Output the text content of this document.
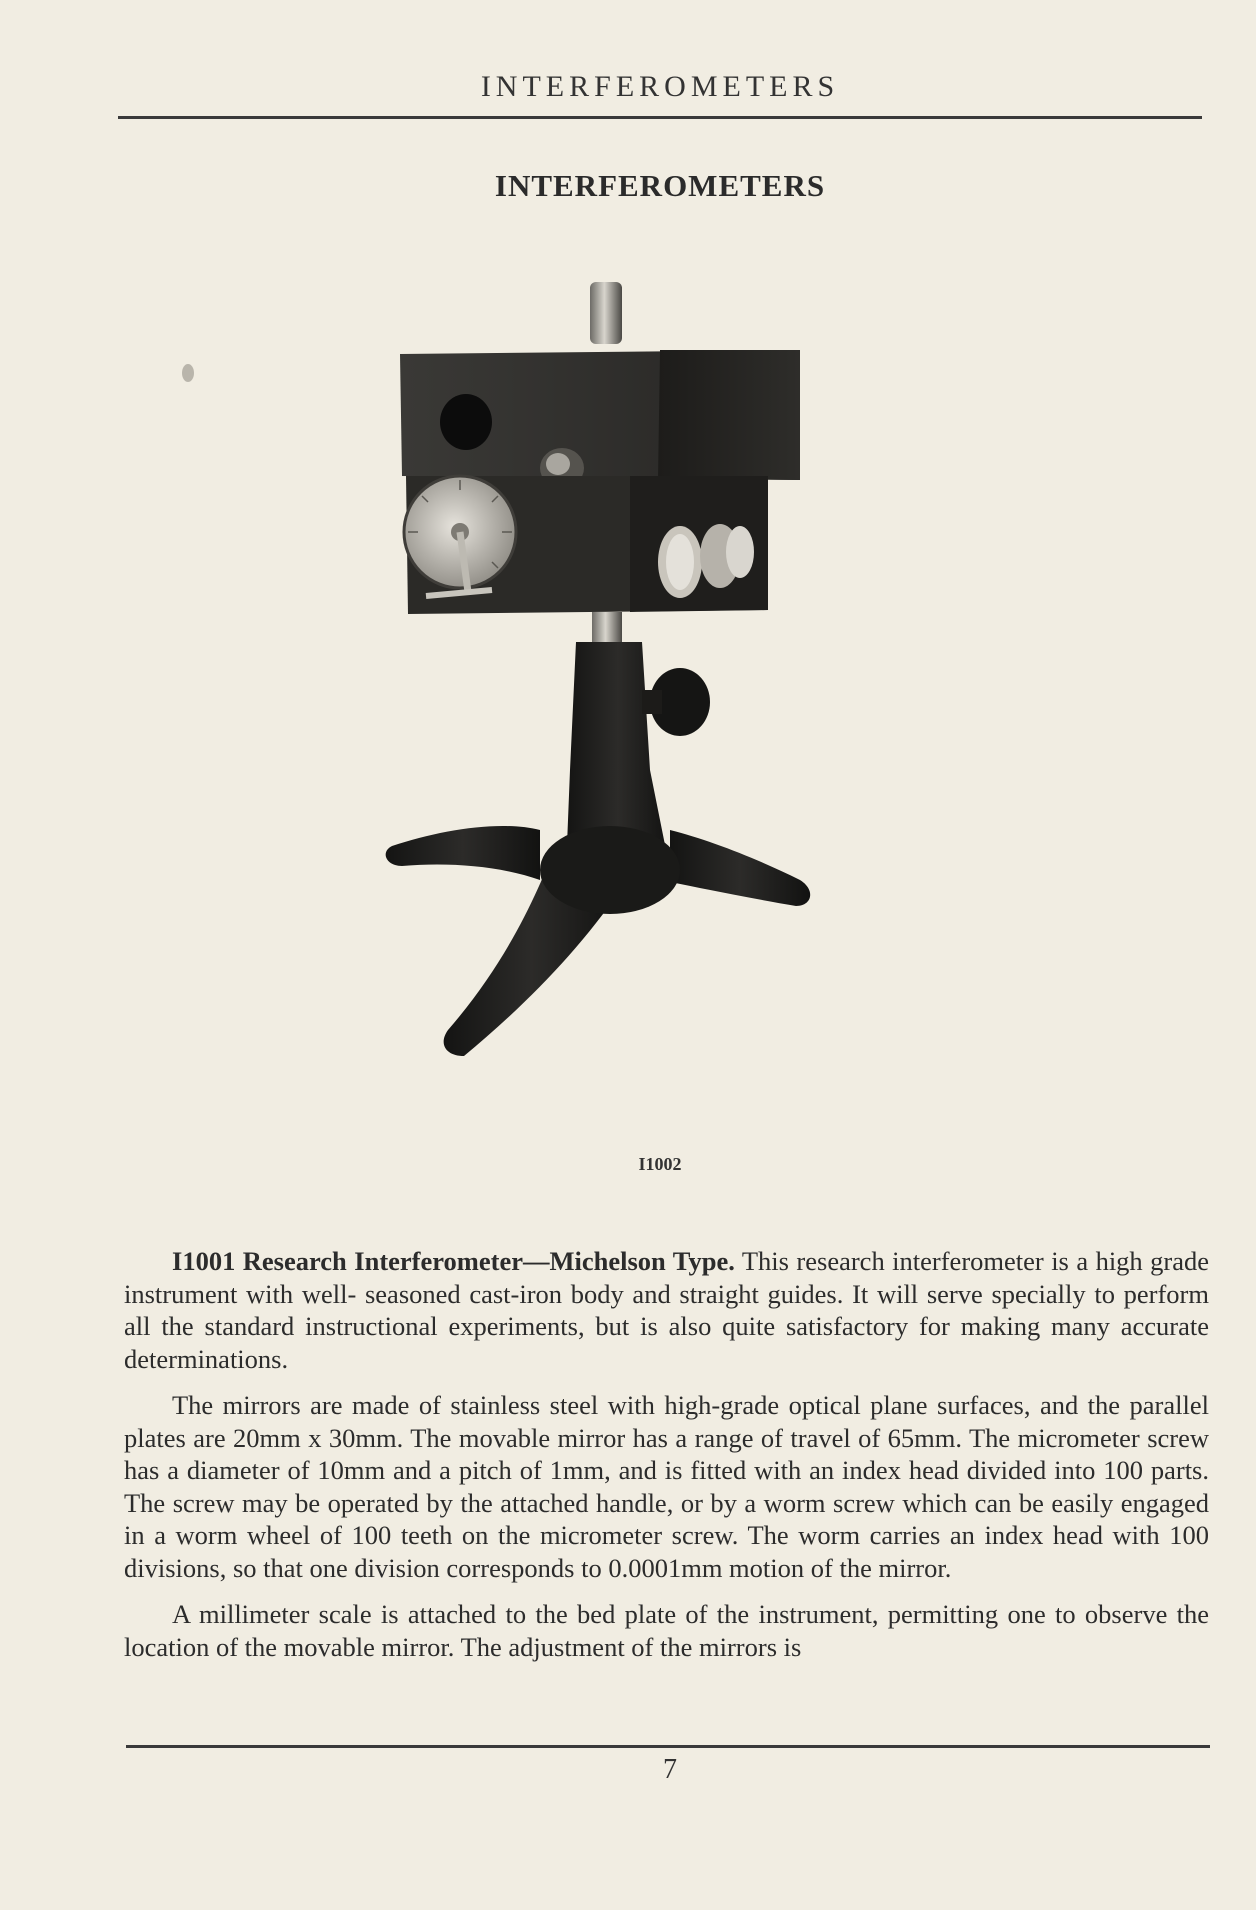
INTERFEROMETERS
INTERFEROMETERS
I1002

I1001 Research Interferometer—Michelson Type. This research interferometer is a high grade instrument with well- seasoned cast-iron body and straight guides. It will serve specially to perform all the standard instructional experiments, but is also quite satisfactory for making many accurate determinations.

The mirrors are made of stainless steel with high-grade optical plane surfaces, and the parallel plates are 20mm x 30mm. The movable mirror has a range of travel of 65mm. The micrometer screw has a diameter of 10mm and a pitch of 1mm, and is fitted with an index head divided into 100 parts. The screw may be operated by the attached handle, or by a worm screw which can be easily engaged in a worm wheel of 100 teeth on the micrometer screw. The worm carries an index head with 100 divisions, so that one division corresponds to 0.0001mm motion of the mirror.

A millimeter scale is attached to the bed plate of the instrument, permitting one to observe the location of the movable mirror. The adjustment of the mirrors is

7
